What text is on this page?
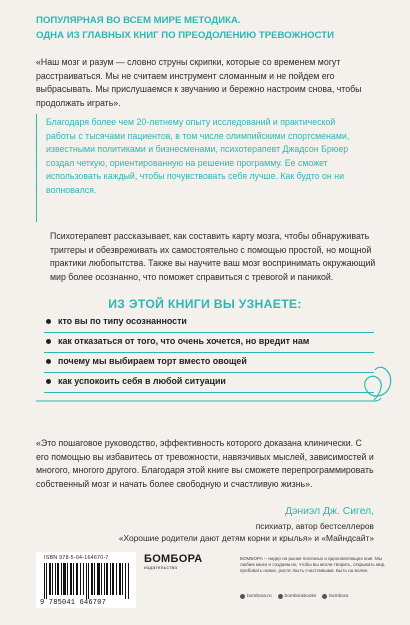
ПОПУЛЯРНАЯ ВО ВСЕМ МИРЕ МЕТОДИКА.
ОДНА ИЗ ГЛАВНЫХ КНИГ ПО ПРЕОДОЛЕНИЮ ТРЕВОЖНОСТИ
«Наш мозг и разум — словно струны скрипки, которые со временем могут расстраиваться. Мы не считаем инструмент сломанным и не пойдем его выбрасывать. Мы прислушаемся к звучанию и бережно настроим снова, чтобы продолжать играть».
Благодаря более чем 20-летнему опыту исследований и практической работы с тысячами пациентов, в том числе олимпийскими спортсменами, известными политиками и бизнесменами, психотерапевт Джадсон Брюер создал четкую, ориентированную на решение программу. Ее сможет использовать каждый, чтобы почувствовать себя лучше. Как будто он ни волновался.
Психотерапевт рассказывает, как составить карту мозга, чтобы обнаруживать триггеры и обезвреживать их самостоятельно с помощью простой, но мощной практики любопытства. Также вы научите ваш мозг воспринимать окружающий мир более осознанно, что поможет справиться с тревогой и паникой.
ИЗ ЭТОЙ КНИГИ ВЫ УЗНАЕТЕ:
кто вы по типу осознанности
как отказаться от того, что очень хочется, но вредит нам
почему мы выбираем торт вместо овощей
как успокоить себя в любой ситуации
«Это пошаговое руководство, эффективность которого доказана клинически. С его помощью вы избавитесь от тревожности, навязчивых мыслей, зависимостей и многого, многого другого. Благодаря этой книге вы сможете перепрограммировать собственный мозг и начать более свободную и счастливую жизнь».
Дэниэл Дж. Сигел,
психиатр, автор бестселлеров
«Хорошие родители дают детям корни и крылья» и «Майндсайт»
ISBN 978-5-04-164670-7
9 785041 646707
БОМБОРА
издательство
БОМБОРА – лидер на рынке полезных и вдохновляющих книг. Мы любим книги и создаем их, чтобы вы могли творить, открывать мир, пробовать новое, расти. Быть счастливыми. Быть на волне.
bombora.ru	bomborabooks	bombora
